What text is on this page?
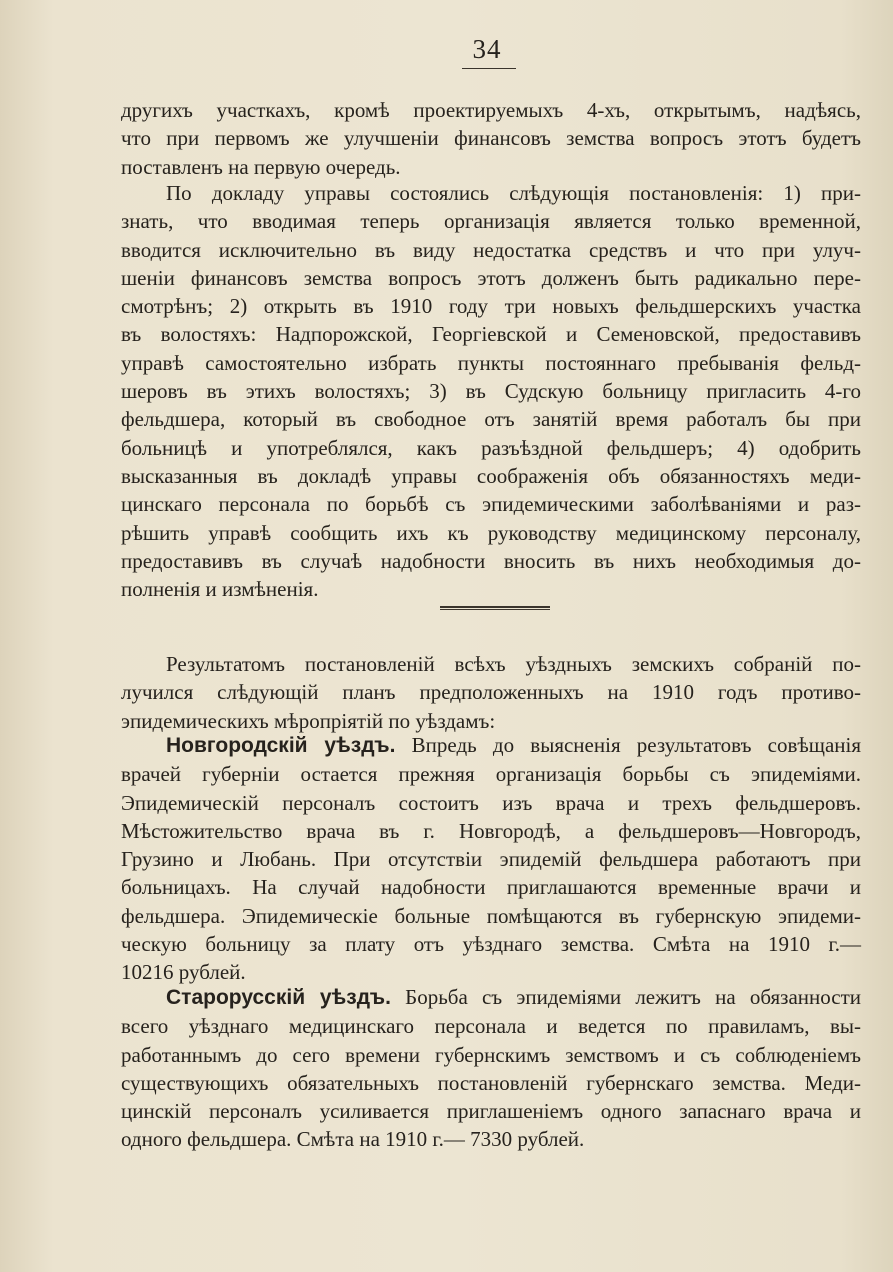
34
другихъ участкахъ, кромѣ проектируемыхъ 4-хъ, открытымъ, надѣясь,
что при первомъ же улучшеніи финансовъ земства вопросъ этотъ будетъ
поставленъ на первую очередь.
По докладу управы состоялись слѣдующія постановленія: 1) при-
знать, что вводимая теперь организація является только временной,
вводится исключительно въ виду недостатка средствъ и что при улуч-
шеніи финансовъ земства вопросъ этотъ долженъ быть радикально пере-
смотрѣнъ; 2) открыть въ 1910 году три новыхъ фельдшерскихъ участка
въ волостяхъ: Надпорожской, Георгіевской и Семеновской, предоставивъ
управѣ самостоятельно избрать пункты постояннаго пребыванія фельд-
шеровъ въ этихъ волостяхъ; 3) въ Судскую больницу пригласить 4-го
фельдшера, который въ свободное отъ занятій время работалъ бы при
больницѣ и употреблялся, какъ разъѣздной фельдшеръ; 4) одобрить
высказанныя въ докладѣ управы соображенія объ обязанностяхъ меди-
цинскаго персонала по борьбѣ съ эпидемическими заболѣваніями и раз-
рѣшить управѣ сообщить ихъ къ руководству медицинскому персоналу,
предоставивъ въ случаѣ надобности вносить въ нихъ необходимыя до-
полненія и измѣненія.
Результатомъ постановленій всѣхъ уѣздныхъ земскихъ собраній по-
лучился слѣдующій планъ предположенныхъ на 1910 годъ противо-
эпидемическихъ мѣропріятій по уѣздамъ:
Новгородскій уѣздъ. Впредь до выясненія результатовъ совѣщанія
врачей губерніи остается прежняя организація борьбы съ эпидеміями.
Эпидемическій персоналъ состоитъ изъ врача и трехъ фельдшеровъ.
Мѣстожительство врача въ г. Новгородѣ, а фельдшеровъ—Новгородъ,
Грузино и Любань. При отсутствіи эпидемій фельдшера работаютъ при
больницахъ. На случай надобности приглашаются временные врачи и
фельдшера. Эпидемическіе больные помѣщаются въ губернскую эпидеми-
ческую больницу за плату отъ уѣзднаго земства. Смѣта на 1910 г.—
10216 рублей.
Старорусскій уѣздъ. Борьба съ эпидеміями лежитъ на обязанности
всего уѣзднаго медицинскаго персонала и ведется по правиламъ, вы-
работаннымъ до сего времени губернскимъ земствомъ и съ соблюденіемъ
существующихъ обязательныхъ постановленій губернскаго земства. Меди-
цинскій персоналъ усиливается приглашеніемъ одного запаснаго врача и
одного фельдшера. Смѣта на 1910 г.— 7330 рублей.
